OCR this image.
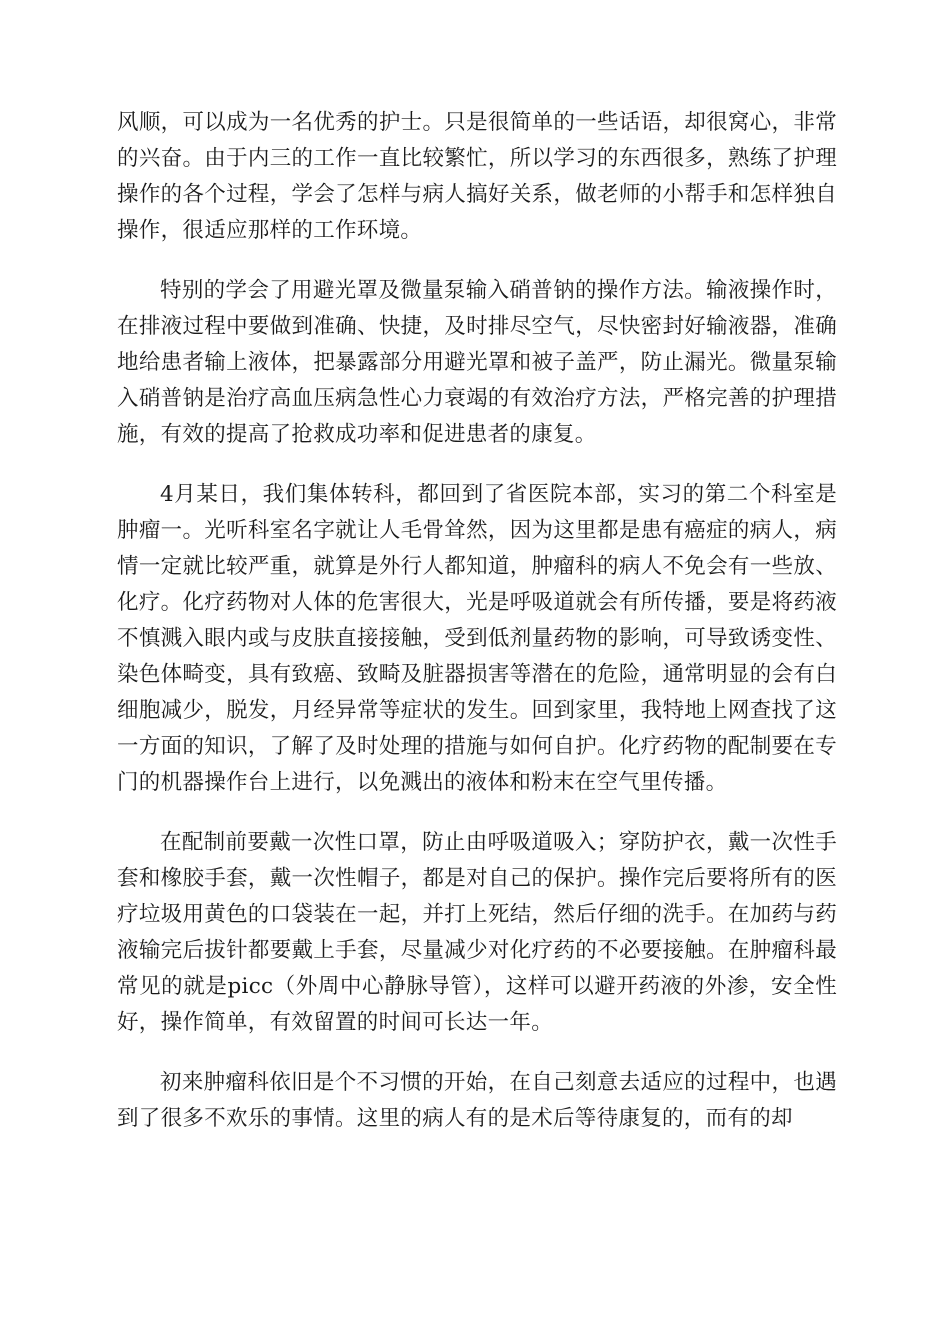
风顺，可以成为一名优秀的护士。只是很简单的一些话语，却很窝心，非常的兴奋。由于内三的工作一直比较繁忙，所以学习的东西很多，熟练了护理操作的各个过程，学会了怎样与病人搞好关系，做老师的小帮手和怎样独自操作，很适应那样的工作环境。

特别的学会了用避光罩及微量泵输入硝普钠的操作方法。输液操作时，在排液过程中要做到准确、快捷，及时排尽空气，尽快密封好输液器，准确地给患者输上液体，把暴露部分用避光罩和被子盖严，防止漏光。微量泵输入硝普钠是治疗高血压病急性心力衰竭的有效治疗方法，严格完善的护理措施，有效的提高了抢救成功率和促进患者的康复。

4月某日，我们集体转科，都回到了省医院本部，实习的第二个科室是肿瘤一。光听科室名字就让人毛骨耸然，因为这里都是患有癌症的病人，病情一定就比较严重，就算是外行人都知道，肿瘤科的病人不免会有一些放、化疗。化疗药物对人体的危害很大，光是呼吸道就会有所传播，要是将药液不慎溅入眼内或与皮肤直接接触，受到低剂量药物的影响，可导致诱变性、染色体畸变，具有致癌、致畸及脏器损害等潜在的危险，通常明显的会有白细胞减少，脱发，月经异常等症状的发生。回到家里，我特地上网查找了这一方面的知识，了解了及时处理的措施与如何自护。化疗药物的配制要在专门的机器操作台上进行，以免溅出的液体和粉末在空气里传播。

在配制前要戴一次性口罩，防止由呼吸道吸入；穿防护衣，戴一次性手套和橡胶手套，戴一次性帽子，都是对自己的保护。操作完后要将所有的医疗垃圾用黄色的口袋装在一起，并打上死结，然后仔细的洗手。在加药与药液输完后拔针都要戴上手套，尽量减少对化疗药的不必要接触。在肿瘤科最常见的就是picc（外周中心静脉导管），这样可以避开药液的外渗，安全性好，操作简单，有效留置的时间可长达一年。

初来肿瘤科依旧是个不习惯的开始，在自己刻意去适应的过程中，也遇到了很多不欢乐的事情。这里的病人有的是术后等待康复的，而有的却
